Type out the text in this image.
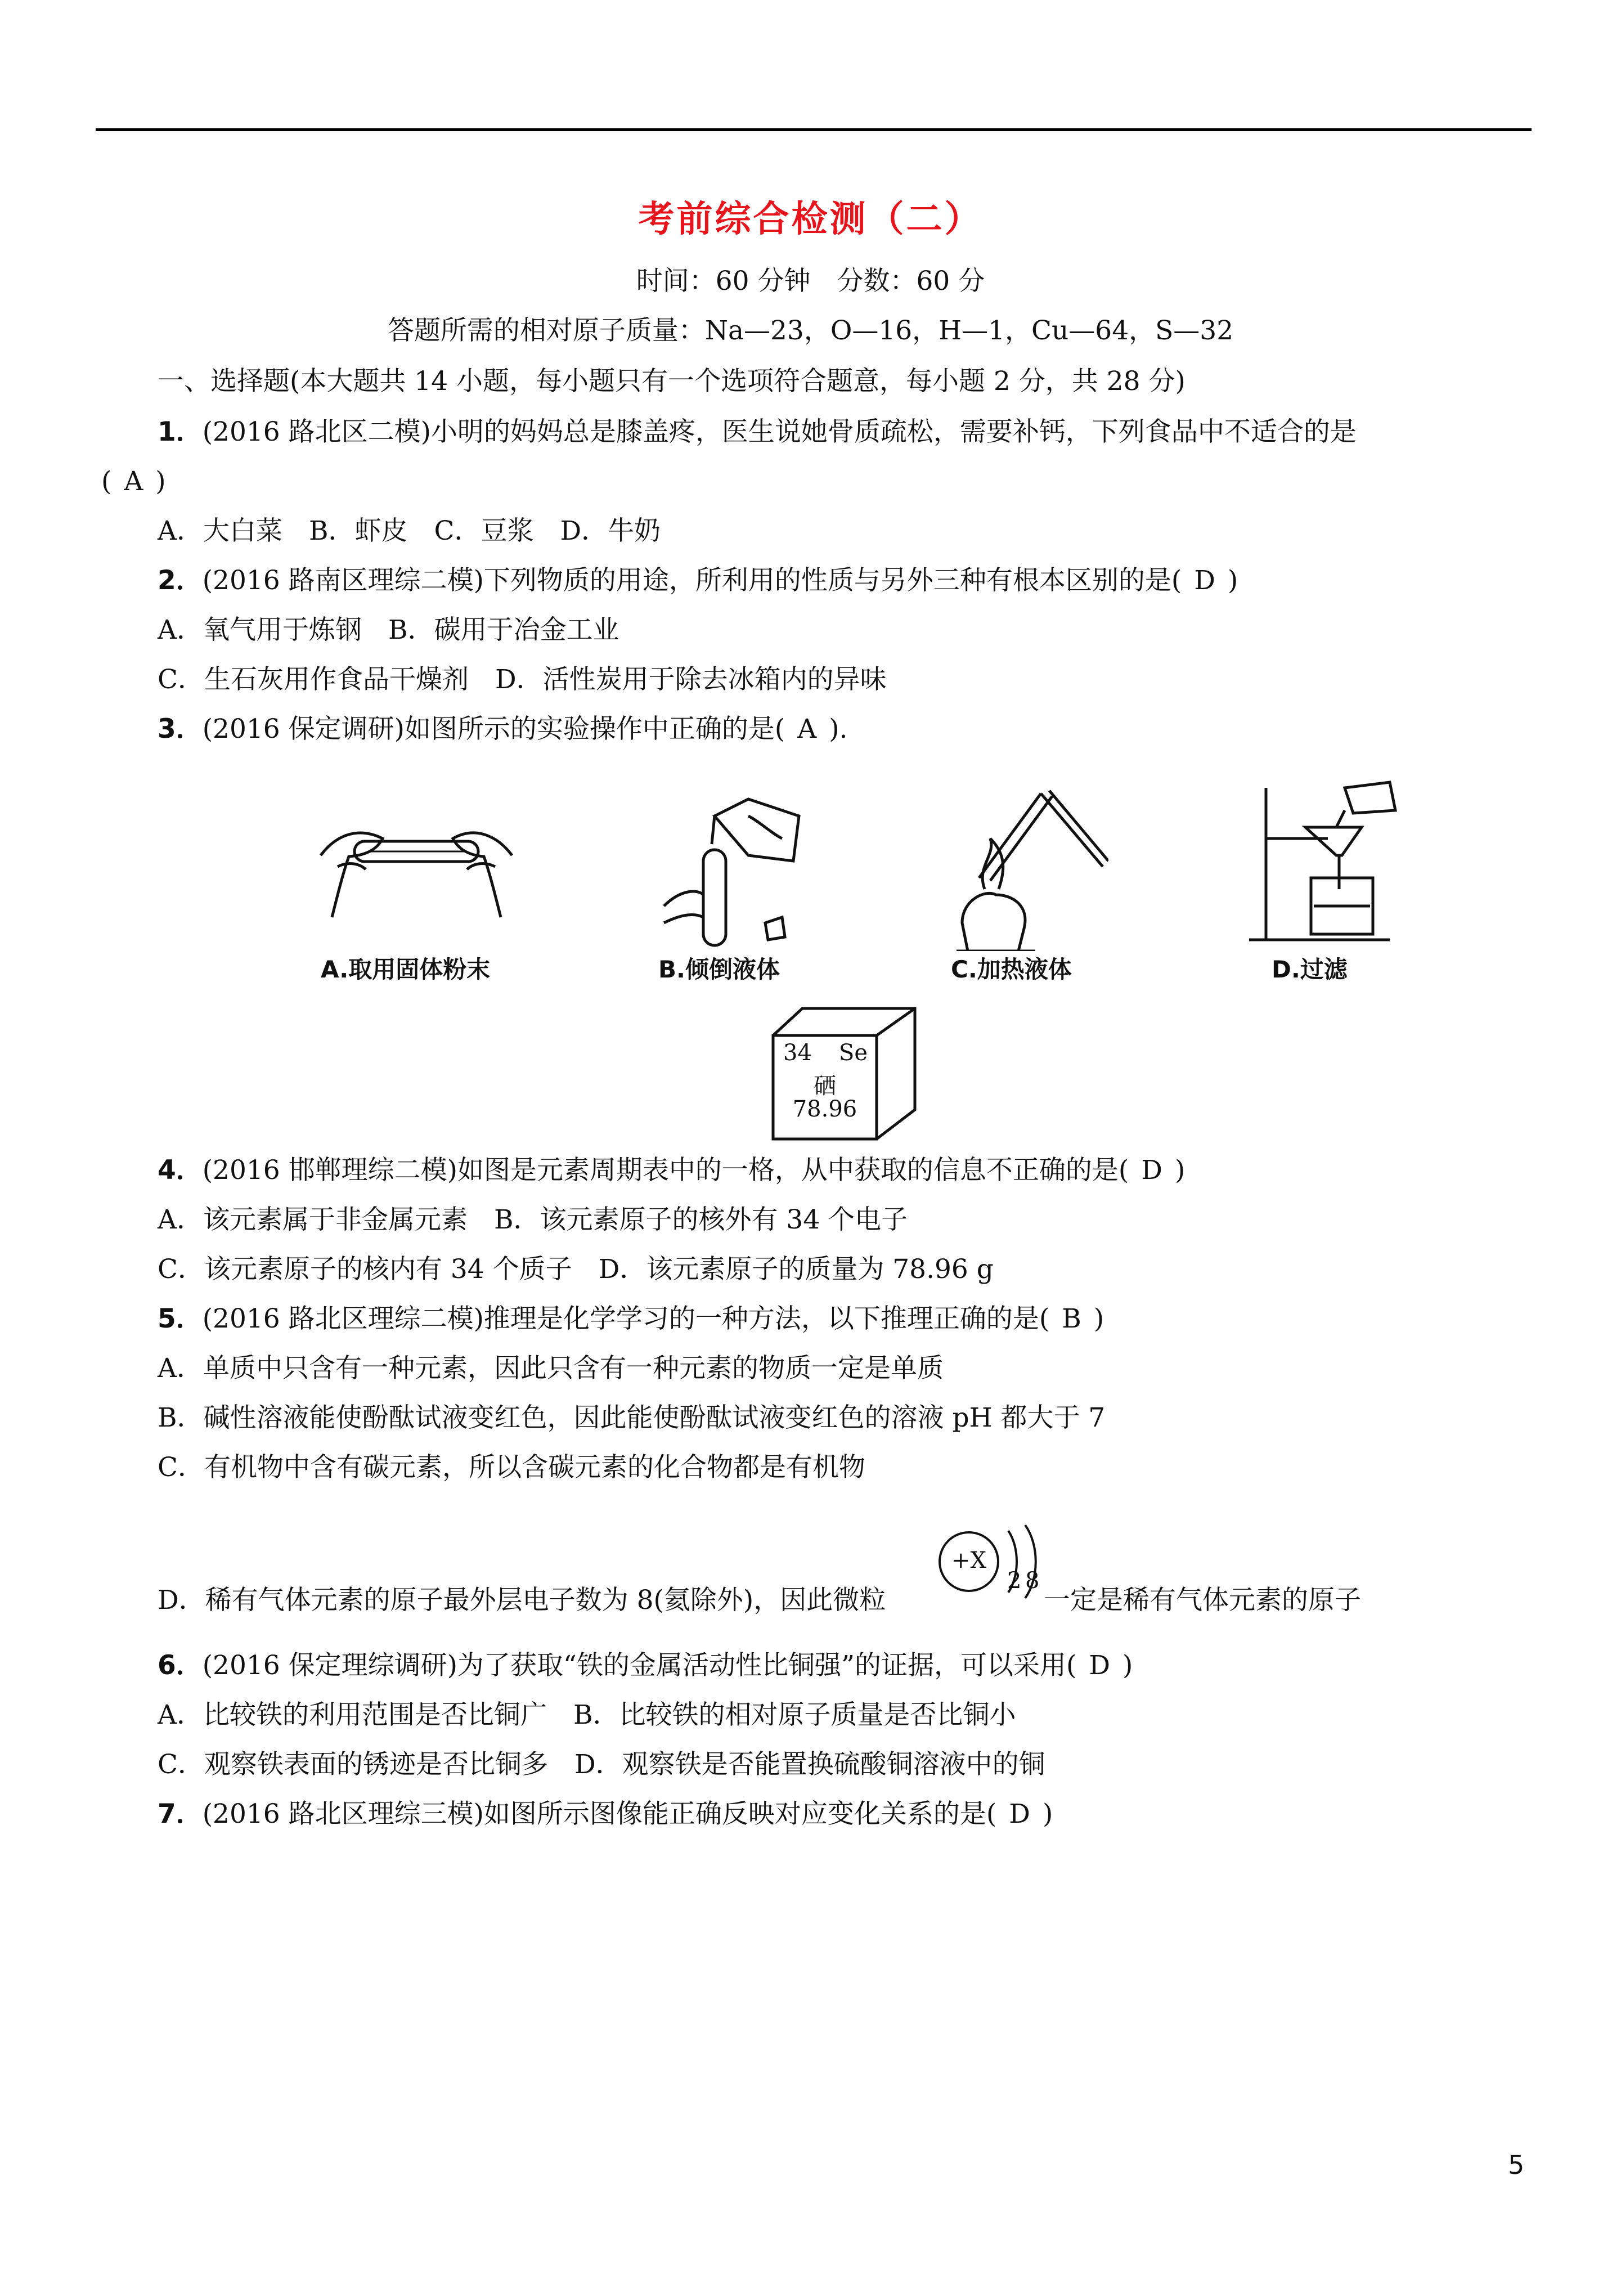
考前综合检测（二）
时间：60 分钟　分数：60 分
答题所需的相对原子质量：Na—23，O—16，H—1，Cu—64，S—32
一、选择题(本大题共 14 小题，每小题只有一个选项符合题意，每小题 2 分，共 28 分)
1．(2016 路北区二模)小明的妈妈总是膝盖疼，医生说她骨质疏松，需要补钙，下列食品中不适合的是
( A )
A．大白菜　B．虾皮　C．豆浆　D．牛奶
2．(2016 路南区理综二模)下列物质的用途，所利用的性质与另外三种有根本区别的是( D )
A．氧气用于炼钢　B．碳用于冶金工业
C．生石灰用作食品干燥剂　D．活性炭用于除去冰箱内的异味
3．(2016 保定调研)如图所示的实验操作中正确的是( A ).
A.取用固体粉末	B.倾倒液体	C.加热液体	D.过滤
34 Se
硒
78.96
4．(2016 邯郸理综二模)如图是元素周期表中的一格，从中获取的信息不正确的是( D )
A．该元素属于非金属元素　B．该元素原子的核外有 34 个电子
C．该元素原子的核内有 34 个质子　D．该元素原子的质量为 78.96 g
5．(2016 路北区理综二模)推理是化学学习的一种方法，以下推理正确的是( B )
A．单质中只含有一种元素，因此只含有一种元素的物质一定是单质
B．碱性溶液能使酚酞试液变红色，因此能使酚酞试液变红色的溶液 pH 都大于 7
C．有机物中含有碳元素，所以含碳元素的化合物都是有机物
D．稀有气体元素的原子最外层电子数为 8(氦除外)，因此微粒
+X
2 8
一定是稀有气体元素的原子
6．(2016 保定理综调研)为了获取“铁的金属活动性比铜强”的证据，可以采用( D )
A．比较铁的利用范围是否比铜广　B．比较铁的相对原子质量是否比铜小
C．观察铁表面的锈迹是否比铜多　D．观察铁是否能置换硫酸铜溶液中的铜
7．(2016 路北区理综三模)如图所示图像能正确反映对应变化关系的是( D )
5
